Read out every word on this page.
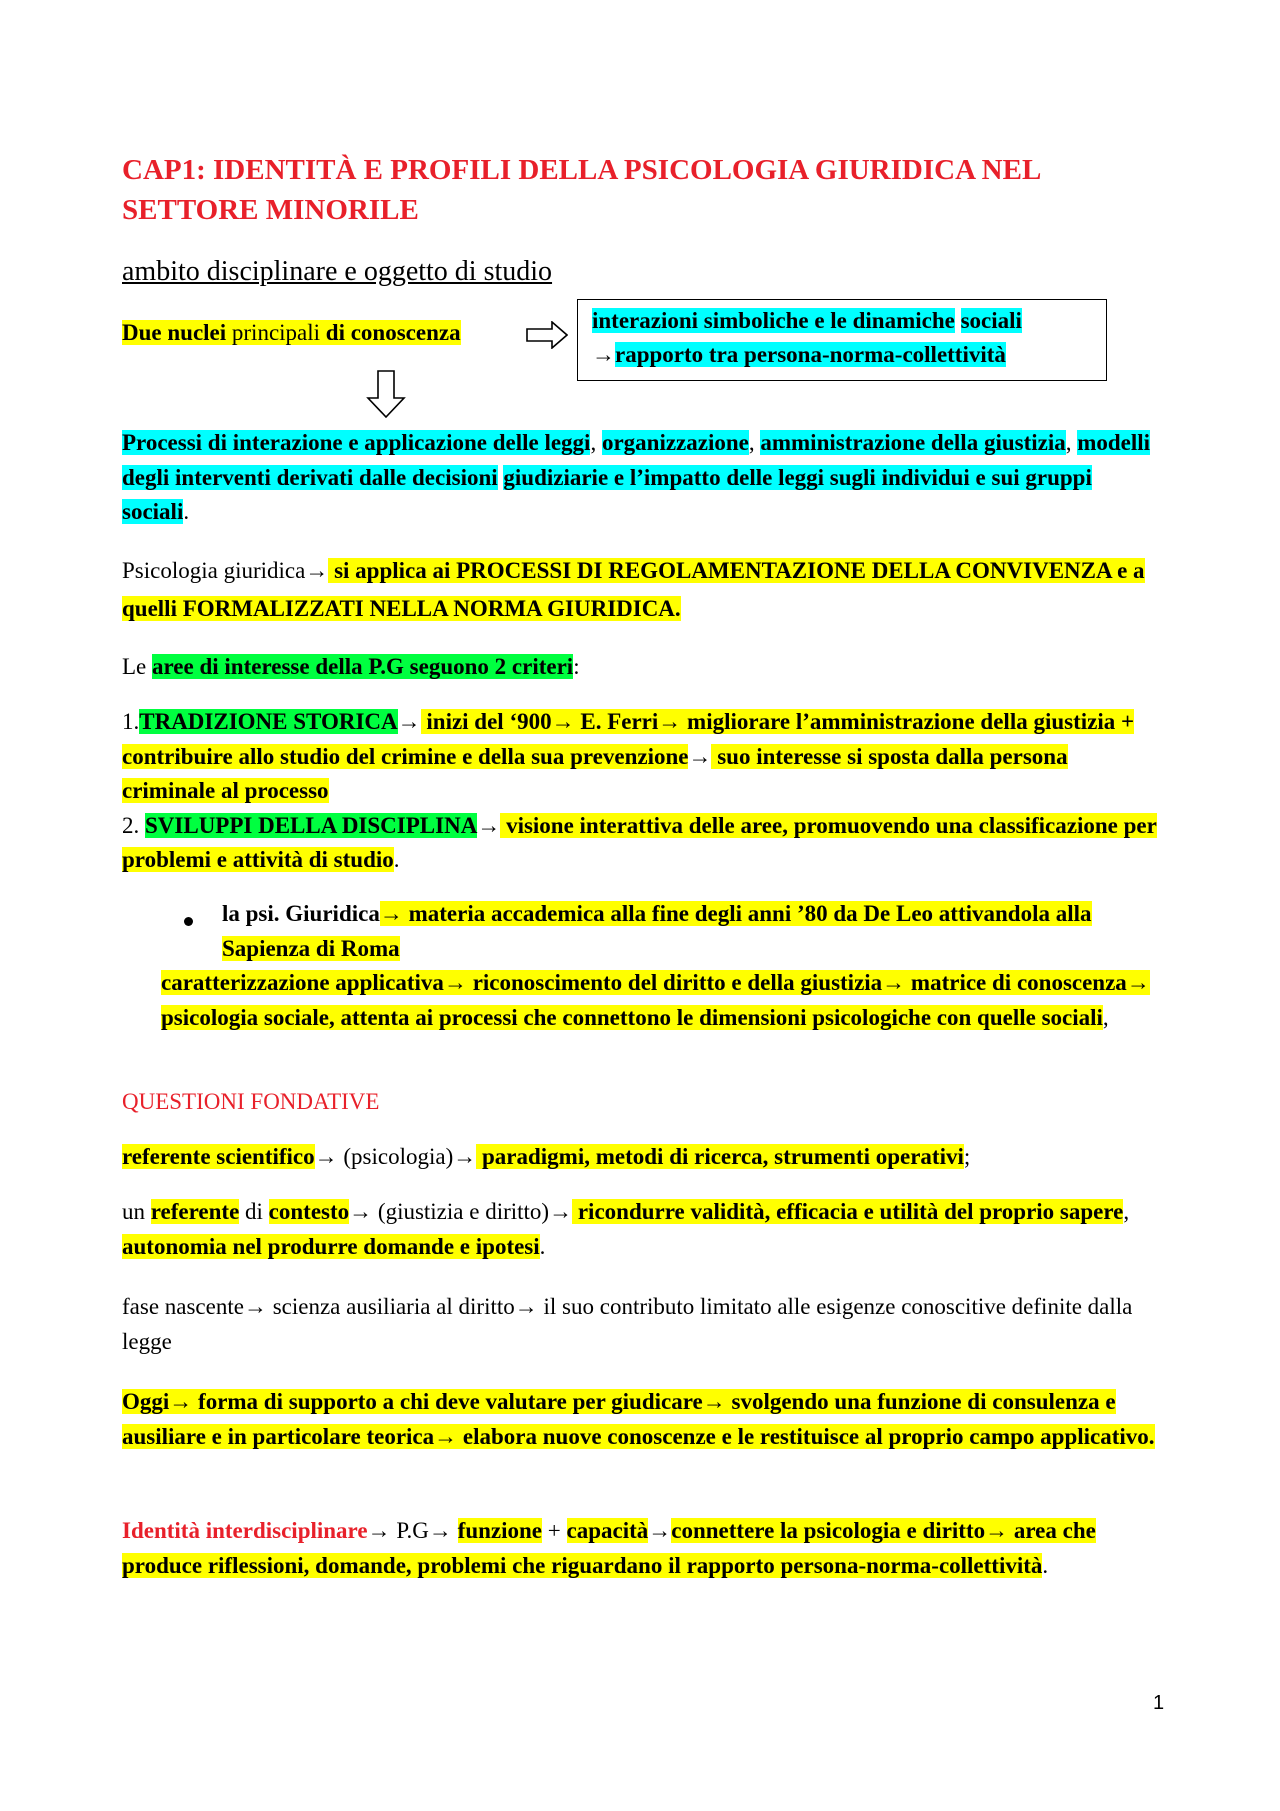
CAP1: IDENTITÀ E PROFILI DELLA PSICOLOGIA GIURIDICA NEL SETTORE MINORILE
ambito disciplinare e oggetto di studio
Due nuclei principali di conoscenza	interazioni simboliche e le dinamiche sociali
→rapporto tra persona-norma-collettività
Processi di interazione e applicazione delle leggi, organizzazione, amministrazione della giustizia, modelli degli interventi derivati dalle decisioni giudiziarie e l’impatto delle leggi sugli individui e sui gruppi sociali.
Psicologia giuridica→ si applica ai PROCESSI DI REGOLAMENTAZIONE DELLA CONVIVENZA e a quelli FORMALIZZATI NELLA NORMA GIURIDICA.
Le aree di interesse della P.G seguono 2 criteri:
1.TRADIZIONE STORICA→ inizi del ‘900→ E. Ferri→ migliorare l’amministrazione della giustizia + contribuire allo studio del crimine e della sua prevenzione→ suo interesse si sposta dalla persona criminale al processo
2. SVILUPPI DELLA DISCIPLINA→ visione interattiva delle aree, promuovendo una classificazione per problemi e attività di studio.
la psi. Giuridica→ materia accademica alla fine degli anni ’80 da De Leo attivandola alla Sapienza di Roma
caratterizzazione applicativa→ riconoscimento del diritto e della giustizia→ matrice di conoscenza→ psicologia sociale, attenta ai processi che connettono le dimensioni psicologiche con quelle sociali,
QUESTIONI FONDATIVE
referente scientifico→ (psicologia)→ paradigmi, metodi di ricerca, strumenti operativi;
un referente di contesto→ (giustizia e diritto)→ ricondurre validità, efficacia e utilità del proprio sapere, autonomia nel produrre domande e ipotesi.
fase nascente→ scienza ausiliaria al diritto→ il suo contributo limitato alle esigenze conoscitive definite dalla legge
Oggi→ forma di supporto a chi deve valutare per giudicare→ svolgendo una funzione di consulenza e ausiliare e in particolare teorica→ elabora nuove conoscenze e le restituisce al proprio campo applicativo.
Identità interdisciplinare→ P.G→ funzione + capacità→connettere la psicologia e diritto→ area che produce riflessioni, domande, problemi che riguardano il rapporto persona-norma-collettività.
1
